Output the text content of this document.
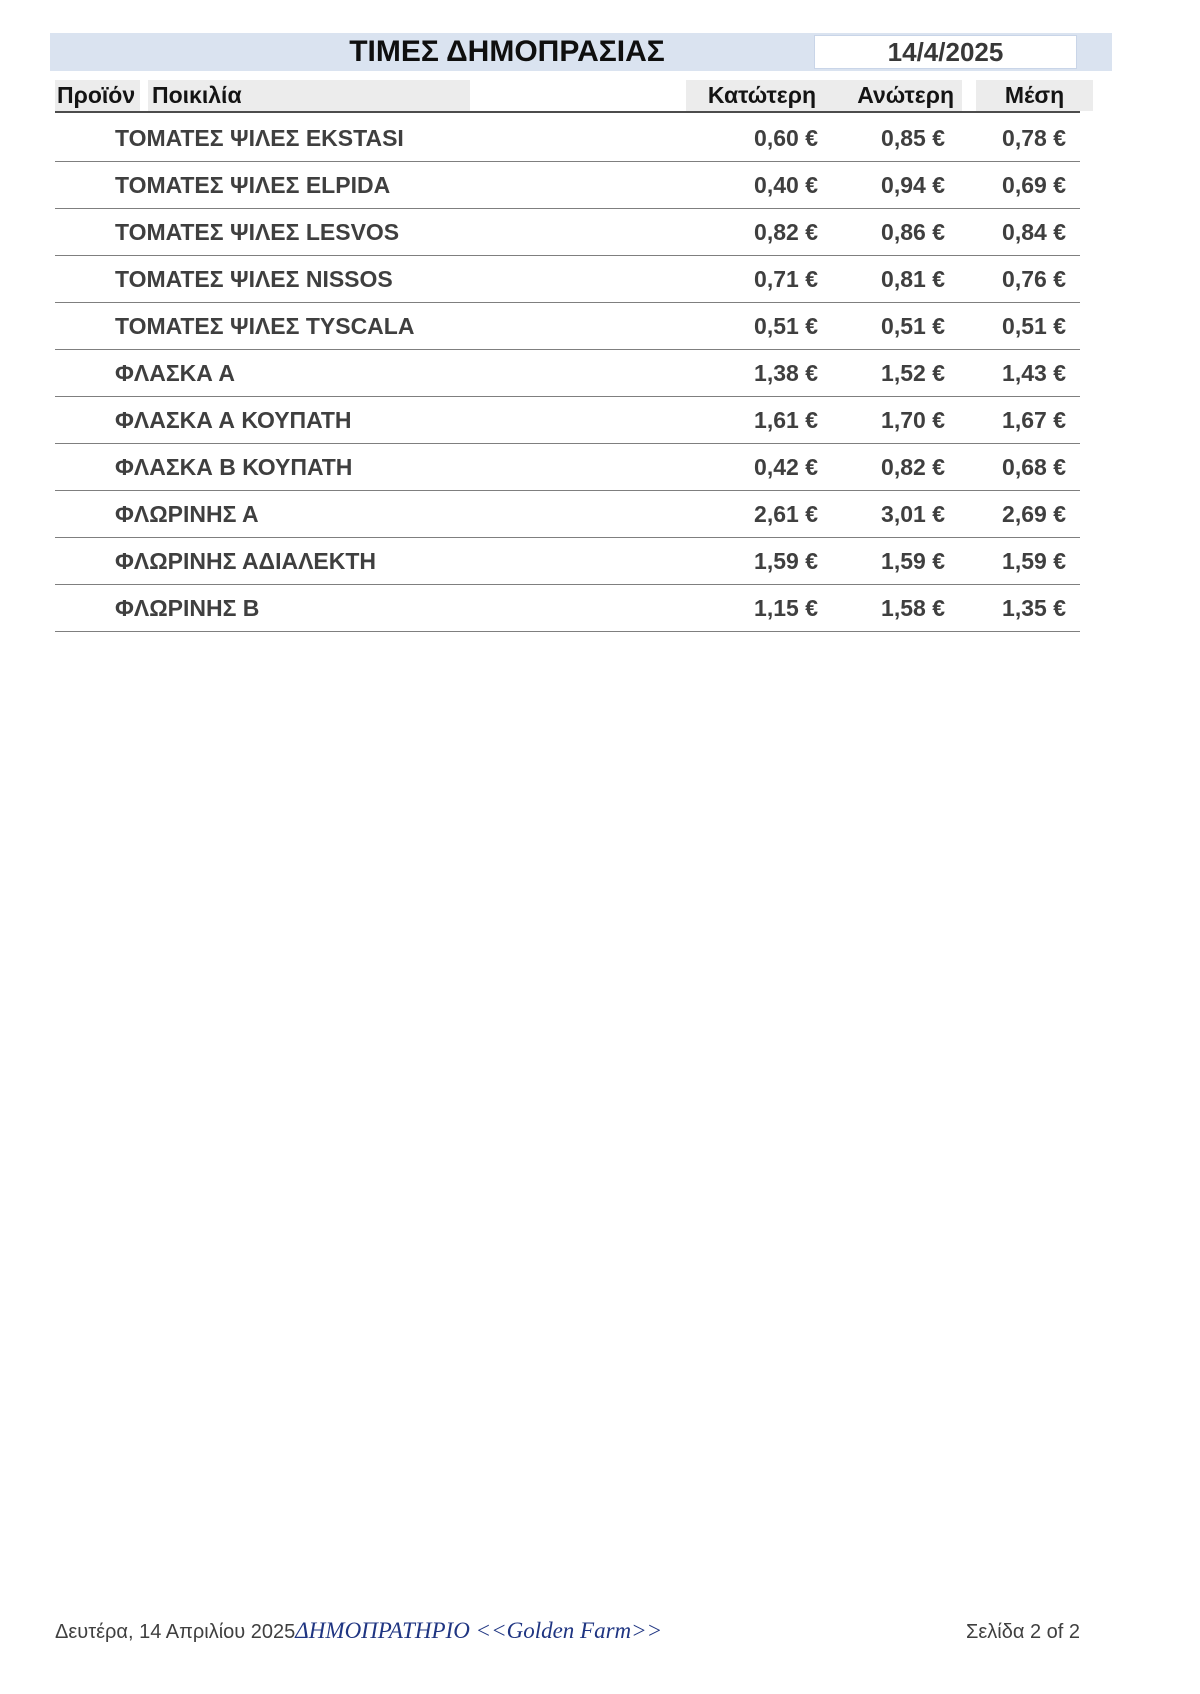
ΤΙΜΕΣ ΔΗΜΟΠΡΑΣΙΑΣ	14/4/2025
Προϊόν Ποικιλία	Κατώτερη	Ανώτερη	Μέση
ΤΟΜΑΤΕΣ ΨΙΛΕΣ EKSTASI	0,60 €	0,85 €	0,78 €
ΤΟΜΑΤΕΣ ΨΙΛΕΣ ELPIDA	0,40 €	0,94 €	0,69 €
ΤΟΜΑΤΕΣ ΨΙΛΕΣ LESVOS	0,82 €	0,86 €	0,84 €
ΤΟΜΑΤΕΣ ΨΙΛΕΣ NISSOS	0,71 €	0,81 €	0,76 €
ΤΟΜΑΤΕΣ ΨΙΛΕΣ TYSCALA	0,51 €	0,51 €	0,51 €
ΦΛΑΣΚΑ Α	1,38 €	1,52 €	1,43 €
ΦΛΑΣΚΑ Α ΚΟΥΠΑΤΗ	1,61 €	1,70 €	1,67 €
ΦΛΑΣΚΑ Β ΚΟΥΠΑΤΗ	0,42 €	0,82 €	0,68 €
ΦΛΩΡΙΝΗΣ Α	2,61 €	3,01 €	2,69 €
ΦΛΩΡΙΝΗΣ ΑΔΙΑΛΕΚΤΗ	1,59 €	1,59 €	1,59 €
ΦΛΩΡΙΝΗΣ Β	1,15 €	1,58 €	1,35 €
Δευτέρα, 14 Απριλίου 2025 ΔΗΜΟΠΡΑΤΗΡΙΟ <<Golden Farm>>	Σελίδα 2 of 2
